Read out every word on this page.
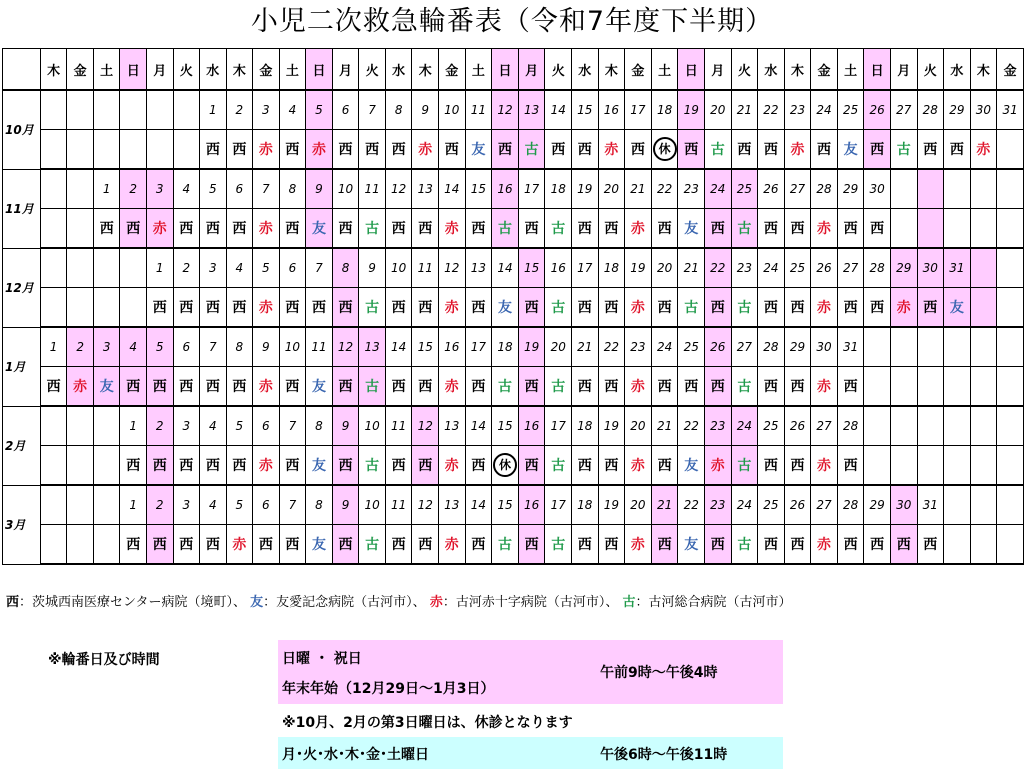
小児二次救急輪番表（令和7年度下半期）
	木	金	土	日	月	火	水	木	金	土	日	月	火	水	木	金	土	日	月	火	水	木	金	土	日	月	火	水	木	金	土	日	月	火	水	木	金
10月							1	2	3	4	5	6	7	8	9	10	11	12	13	14	15	16	17	18	19	20	21	22	23	24	25	26	27	28	29	30	31
							西	西	赤	西	赤	西	西	西	赤	西	友	西	古	西	西	赤	西	休	西	古	西	西	赤	西	友	西	古	西	西	赤	
11月			1	2	3	4	5	6	7	8	9	10	11	12	13	14	15	16	17	18	19	20	21	22	23	24	25	26	27	28	29	30					
			西	西	赤	西	西	西	赤	西	友	西	古	西	西	赤	西	古	西	古	西	西	赤	西	友	西	古	西	西	赤	西	西					
12月					1	2	3	4	5	6	7	8	9	10	11	12	13	14	15	16	17	18	19	20	21	22	23	24	25	26	27	28	29	30	31		
					西	西	西	西	赤	西	西	西	古	西	西	赤	西	友	西	古	西	西	赤	西	古	西	古	西	西	赤	西	西	赤	西	友		
1月	1	2	3	4	5	6	7	8	9	10	11	12	13	14	15	16	17	18	19	20	21	22	23	24	25	26	27	28	29	30	31						
	西	赤	友	西	西	西	西	西	赤	西	友	西	古	西	西	赤	西	古	西	古	西	西	赤	西	西	西	古	西	西	赤	西						
2月				1	2	3	4	5	6	7	8	9	10	11	12	13	14	15	16	17	18	19	20	21	22	23	24	25	26	27	28						
				西	西	西	西	西	赤	西	友	西	古	西	西	赤	西	休	西	古	西	西	赤	西	友	赤	古	西	西	赤	西						
3月				1	2	3	4	5	6	7	8	9	10	11	12	13	14	15	16	17	18	19	20	21	22	23	24	25	26	27	28	29	30	31			
				西	西	西	西	赤	西	西	友	西	古	西	西	赤	西	古	西	古	西	西	赤	西	友	西	古	西	西	赤	西	西	西	西			
西：茨城西南医療センター病院（境町）、 友：友愛記念病院（古河市）、 赤：古河赤十字病院（古河市）、 古：古河総合病院（古河市）
※輪番日及び時間	日曜 ・ 祝日
年末年始（12月29日～1月3日）
午前9時～午後4時
※10月、2月の第3日曜日は、休診となります
月･火･水･木･金･土曜日	午後6時～午後11時
